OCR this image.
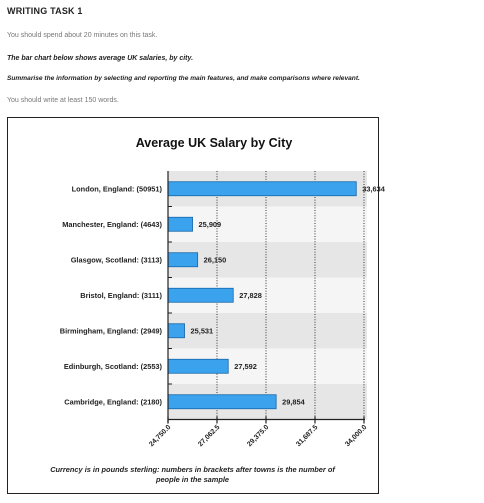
WRITING TASK 1
You should spend about 20 minutes on this task.
The bar chart below shows average UK salaries, by city.
Summarise the information by selecting and reporting the main features, and make comparisons where relevant.
You should write at least 150 words.
Average UK Salary by City
33,634
25,909
26,150
27,828
25,531
27,592
29,854
London, England: (50951)
Manchester, England: (4643)
Glasgow, Scotland: (3113)
Bristol, England: (3111)
Birmingham, England: (2949)
Edinburgh, Scotland: (2553)
Cambridge, England: (2180)
24,750.0	27,062.5	29,375.0	31,687.5	34,000.0
Currency is in pounds sterling: numbers in brackets after towns is the number of people in the sample
